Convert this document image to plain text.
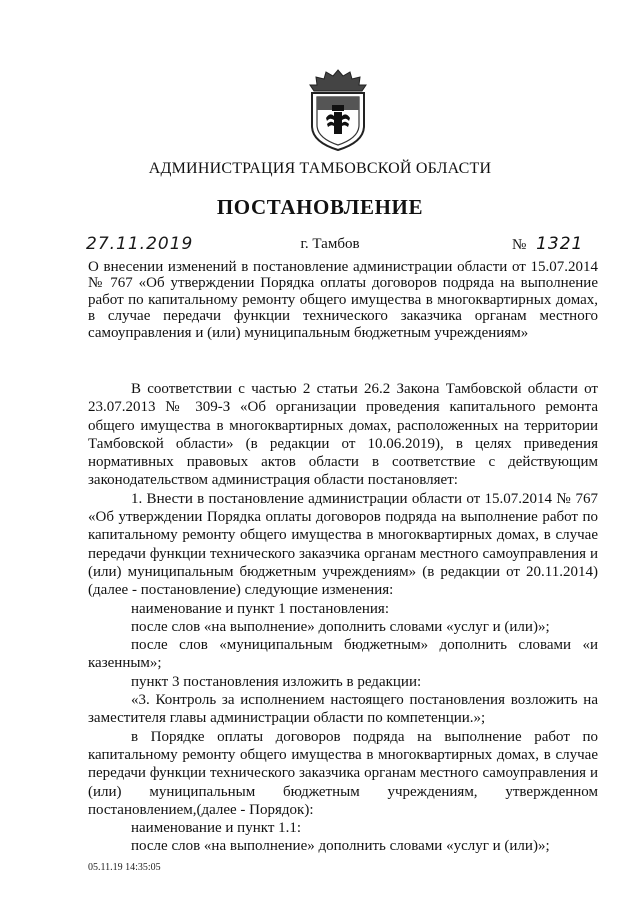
АДМИНИСТРАЦИЯ ТАМБОВСКОЙ ОБЛАСТИ
ПОСТАНОВЛЕНИЕ
27.11.2019	г. Тамбов	№ 1321
О внесении изменений в постановление администрации области от 15.07.2014 № 767 «Об утверждении Порядка оплаты договоров подряда на выполнение работ по капитальному ремонту общего имущества в многоквартирных домах, в случае передачи функции технического заказчика органам местного самоуправления и (или) муниципальным бюджетным учреждениям»

В соответствии с частью 2 статьи 26.2 Закона Тамбовской области от 23.07.2013 № 309-З «Об организации проведения капитального ремонта общего имущества в многоквартирных домах, расположенных на территории Тамбовской области» (в редакции от 10.06.2019), в целях приведения нормативных правовых актов области в соответствие с действующим законодательством администрация области постановляет:

1. Внести в постановление администрации области от 15.07.2014 № 767 «Об утверждении Порядка оплаты договоров подряда на выполнение работ по капитальному ремонту общего имущества в многоквартирных домах, в случае передачи функции технического заказчика органам местного самоуправления и (или) муниципальным бюджетным учреждениям» (в редакции от 20.11.2014) (далее - постановление) следующие изменения:

наименование и пункт 1 постановления:

после слов «на выполнение» дополнить словами «услуг и (или)»;

после слов «муниципальным бюджетным» дополнить словами «и казенным»;

пункт 3 постановления изложить в редакции:

«3. Контроль за исполнением настоящего постановления возложить на заместителя главы администрации области по компетенции.»;

в Порядке оплаты договоров подряда на выполнение работ по капитальному ремонту общего имущества в многоквартирных домах, в случае передачи функции технического заказчика органам местного самоуправления и (или) муниципальным бюджетным учреждениям, утвержденном постановлением,(далее - Порядок):

наименование и пункт 1.1:

после слов «на выполнение» дополнить словами «услуг и (или)»;

05.11.19 14:35:05
